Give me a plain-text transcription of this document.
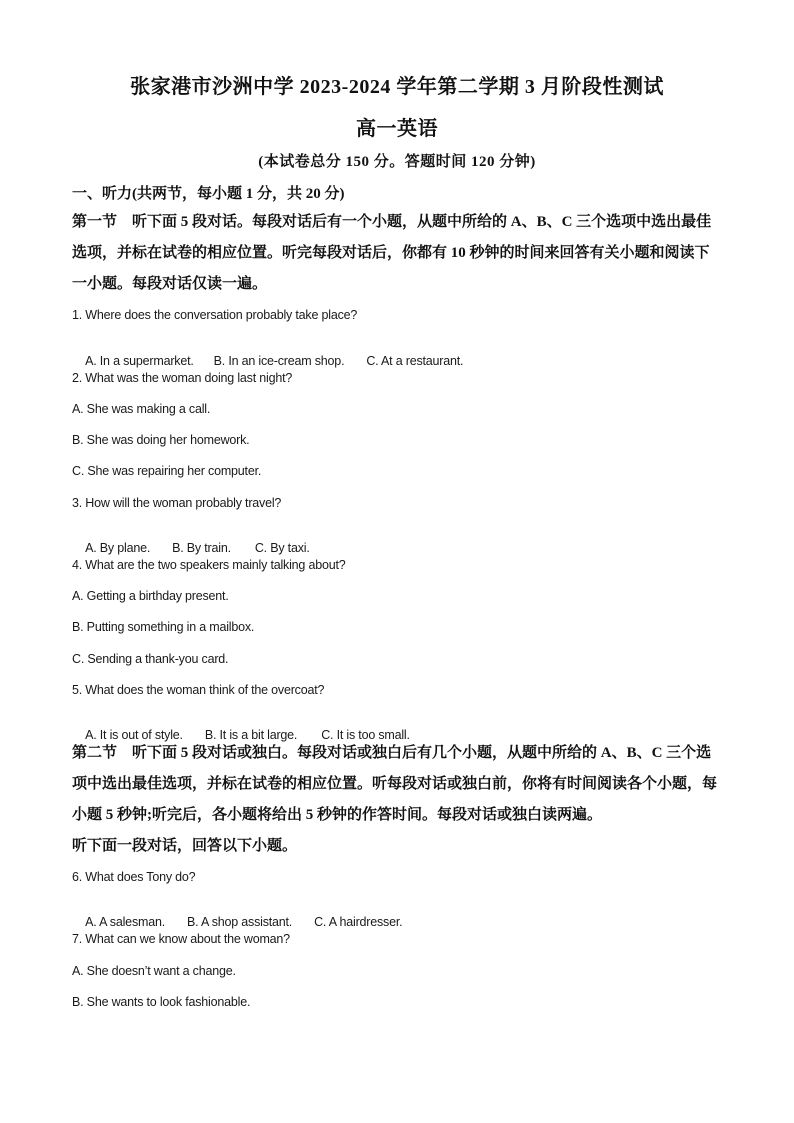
张家港市沙洲中学 2023-2024 学年第二学期 3 月阶段性测试
高一英语
(本试卷总分 150 分。答题时间 120 分钟)
一、听力(共两节，每小题 1 分，共 20 分)
第一节　听下面 5 段对话。每段对话后有一个小题，从题中所给的 A、B、C 三个选项中选出最佳选项，并标在试卷的相应位置。听完每段对话后，你都有 10 秒钟的时间来回答有关小题和阅读下一小题。每段对话仅读一遍。
1. Where does the conversation probably take place?

A. In a supermarket. B. In an ice-cream shop. C. At a restaurant.

2. What was the woman doing last night?
A. She was making a call.
B. She was doing her homework.
C. She was repairing her computer.
3. How will the woman probably travel?

A. By plane. B. By train. C. By taxi.

4. What are the two speakers mainly talking about?
A. Getting a birthday present.
B. Putting something in a mailbox.
C. Sending a thank-you card.
5. What does the woman think of the overcoat?

A. It is out of style. B. It is a bit large. C. It is too small.

第二节　听下面 5 段对话或独白。每段对话或独白后有几个小题，从题中所给的 A、B、C 三个选项中选出最佳选项，并标在试卷的相应位置。听每段对话或独白前，你将有时间阅读各个小题，每小题 5 秒钟;听完后，各小题将给出 5 秒钟的作答时间。每段对话或独白读两遍。
听下面一段对话，回答以下小题。
6. What does Tony do?

A. A salesman. B. A shop assistant. C. A hairdresser.

7. What can we know about the woman?
A. She doesn’t want a change.
B. She wants to look fashionable.
